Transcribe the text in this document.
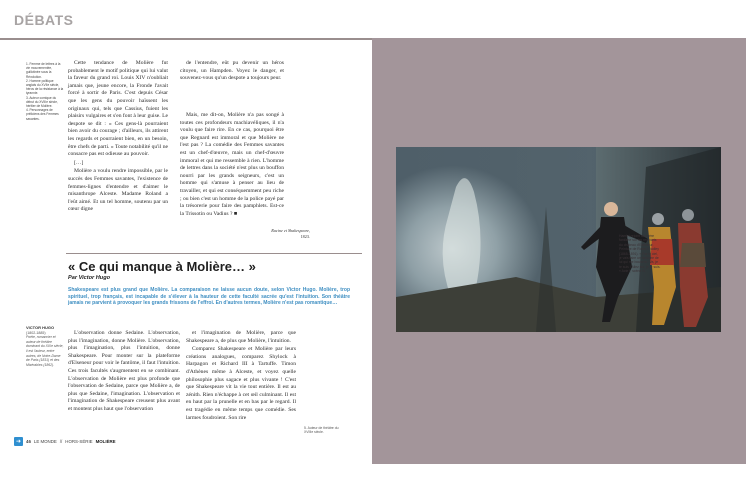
DÉBATS
1. Femme de lettres à la vie mouvementée, guillotinée sous la Révolution.
2. Homme politique anglais du XVIIe siècle, héros de la résistance à la tyrannie.
3. Auteur comique du début du XVIIIe siècle, héritier de Molière.
4. Personnages de préliciens des Femmes savantes.

Cette tendance de Molière fut probablement le motif politique qui lui valut la faveur du grand roi. Louis XIV n'oubliait jamais que, jeune encore, la Fronde l'avait forcé à sortir de Paris. C'est depuis César que les gens du pouvoir haïssent les originaux qui, tels que Cassius, fuient les plaisirs vulgaires et s'en font à leur guise. Le despote se dit : « Ces gens-là pourraient bien avoir du courage ; d'ailleurs, ils attirent les regards et pourraient bien, en un besoin, être chefs de parti. » Toute notabilité qu'il ne consacre pas est odieuse au pouvoir.

[…]

Molière a voulu rendre impossible, par le succès des Femmes savantes, l'existence de femmes-lignes d'entendre et d'aimer le misanthrope Alceste. Madame Roland a l'eût aimé. Et un tel homme, soutenu par un cœur digne

de l'entendre, eût pu devenir un héros citoyen, un Hampden. Voyez le danger, et souvenez-vous qu'un despote a toujours peur.

Mais, me dit-on, Molière n'a pas songé à toutes ces profondeurs machiavéliques, il n'a voulu que faire rire. En ce cas, pourquoi être que Regnard est immoral et que Molière ne l'est pas ? La comédie des Femmes savantes est un chef-d'œuvre, mais un chef-d'œuvre immoral et qui me ressemble à rien. L'homme de lettres dans la société n'est plus un bouffon nourri par les grands seigneurs, c'est un homme qui s'amuse à penser au lieu de travailler, et qui est conséquemment peu riche ; ou bien c'est un homme de la police payé par la trésorerie pour faire des pamphlets. Est-ce la Trissotin ou Vadius ? ■

Racine et Shakespeare,
1823.
« Ce qui manque à Molière… »
Par Victor Hugo
Shakespeare est plus grand que Molière. La comparaison ne laisse aucun doute, selon Victor Hugo. Molière, trop spirituel, trop français, est incapable de s'élever à la hauteur de cette faculté sacrée qu'est l'intuition. Son théâtre jamais ne parvient à provoquer les grands frissons de l'effroi. En d'autres termes, Molière n'est pas romantique…
VICTOR HUGO
(1802-1885)
Poète, romancier et auteur de théâtre dominant du XIXe siècle, il est l'auteur, entre autres, de Notre-Dame de Paris (1831) et des Misérables (1862).

L'observation donne Sedaine. L'observation, plus l'imagination, donne Molière. L'observation, plus l'imagination, plus l'intuition, donne Shakespeare. Pour monter sur la plateforme d'Elseneur pour voir le fantôme, il faut l'intuition. Ces trois facultés s'augmentent en se combinant. L'observation de Molière est plus profonde que l'observation de Sedaine, parce que Molière a, de plus que Sedaine, l'imagination. L'observation et l'imagination de Shakespeare creusent plus avant et montent plus haut que l'observation

et l'imagination de Molière, parce que Shakespeare a, de plus que Molière, l'intuition.

Comparez Shakespeare et Molière par leurs créations analogues, comparez Shylock à Harpagon et Richard III à Tartuffe. Timon d'Athènes même à Alceste, et voyez quelle philosophie plus sagace et plus vivante ! C'est que Shakespeare vit la vie tout entière. Il est au zénith. Rien n'échappe à cet œil culminant. Il est en haut par la prunelle et en bas par le regard. Il est tragédie en même temps que comédie. Ses larmes foudroient. Son rire

5. Auteur de théâtre du XVIIIe siècle.
➜	46 LE MONDE // HORS-SÉRIE MOLIÈRE
Hamlet rejoint son père fantôme sur les remparts du château d'Elseneur. Peinture de Robert Dudley (1865-1891). « Par le ciel, je vais faire un fantôme de lui qui me bousera ! Va, je te suis ! Allez sur, je te suis. » Acte I, scène IV.
